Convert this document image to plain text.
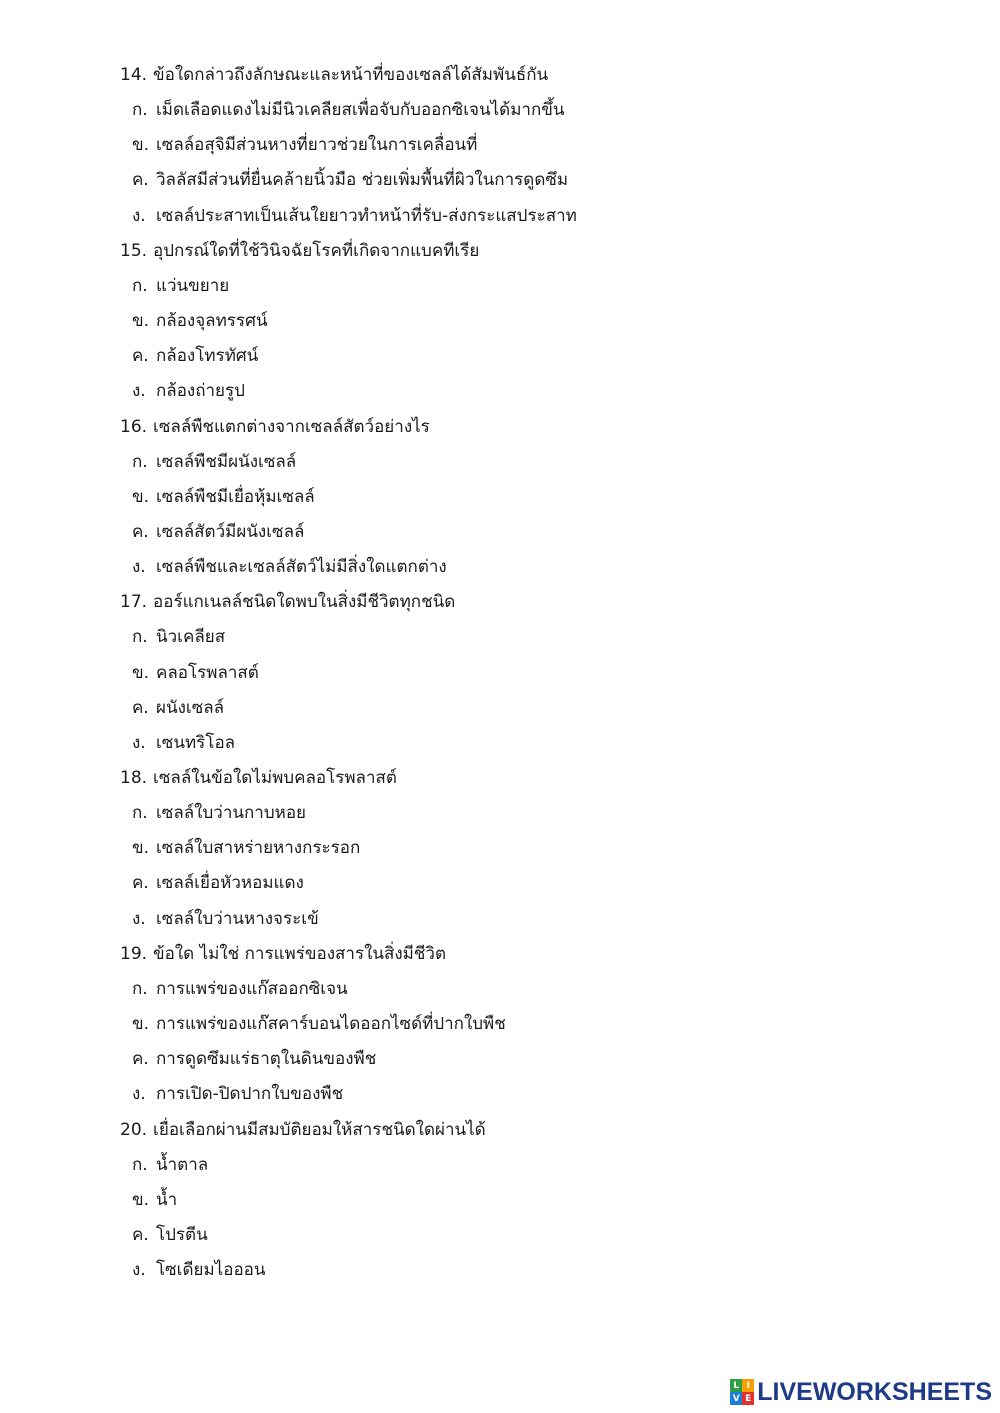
14. ข้อใดกล่าวถึงลักษณะและหน้าที่ของเซลล์ได้สัมพันธ์กัน
ก. เม็ดเลือดแดงไม่มีนิวเคลียสเพื่อจับกับออกซิเจนได้มากขึ้น
ข. เซลล์อสุจิมีส่วนหางที่ยาวช่วยในการเคลื่อนที่
ค. วิลลัสมีส่วนที่ยื่นคล้ายนิ้วมือ ช่วยเพิ่มพื้นที่ผิวในการดูดซึม
ง. เซลล์ประสาทเป็นเส้นใยยาวทำหน้าที่รับ-ส่งกระแสประสาท
15. อุปกรณ์ใดที่ใช้วินิจฉัยโรคที่เกิดจากแบคทีเรีย
ก. แว่นขยาย
ข. กล้องจุลทรรศน์
ค. กล้องโทรทัศน์
ง. กล้องถ่ายรูป
16. เซลล์พืชแตกต่างจากเซลล์สัตว์อย่างไร
ก. เซลล์พืชมีผนังเซลล์
ข. เซลล์พืชมีเยื่อหุ้มเซลล์
ค. เซลล์สัตว์มีผนังเซลล์
ง. เซลล์พืชและเซลล์สัตว์ไม่มีสิ่งใดแตกต่าง
17. ออร์แกเนลล์ชนิดใดพบในสิ่งมีชีวิตทุกชนิด
ก. นิวเคลียส
ข. คลอโรพลาสต์
ค. ผนังเซลล์
ง. เซนทริโอล
18. เซลล์ในข้อใดไม่พบคลอโรพลาสต์
ก. เซลล์ใบว่านกาบหอย
ข. เซลล์ใบสาหร่ายหางกระรอก
ค. เซลล์เยื่อหัวหอมแดง
ง. เซลล์ใบว่านหางจระเข้
19. ข้อใด ไม่ใช่ การแพร่ของสารในสิ่งมีชีวิต
ก. การแพร่ของแก๊สออกซิเจน
ข. การแพร่ของแก๊สคาร์บอนไดออกไซด์ที่ปากใบพืช
ค. การดูดซึมแร่ธาตุในดินของพืช
ง. การเปิด-ปิดปากใบของพืช
20. เยื่อเลือกผ่านมีสมบัติยอมให้สารชนิดใดผ่านได้
ก. น้ำตาล
ข. น้ำ
ค. โปรตีน
ง. โซเดียมไอออน
L I
V E LIVEWORKSHEETS
